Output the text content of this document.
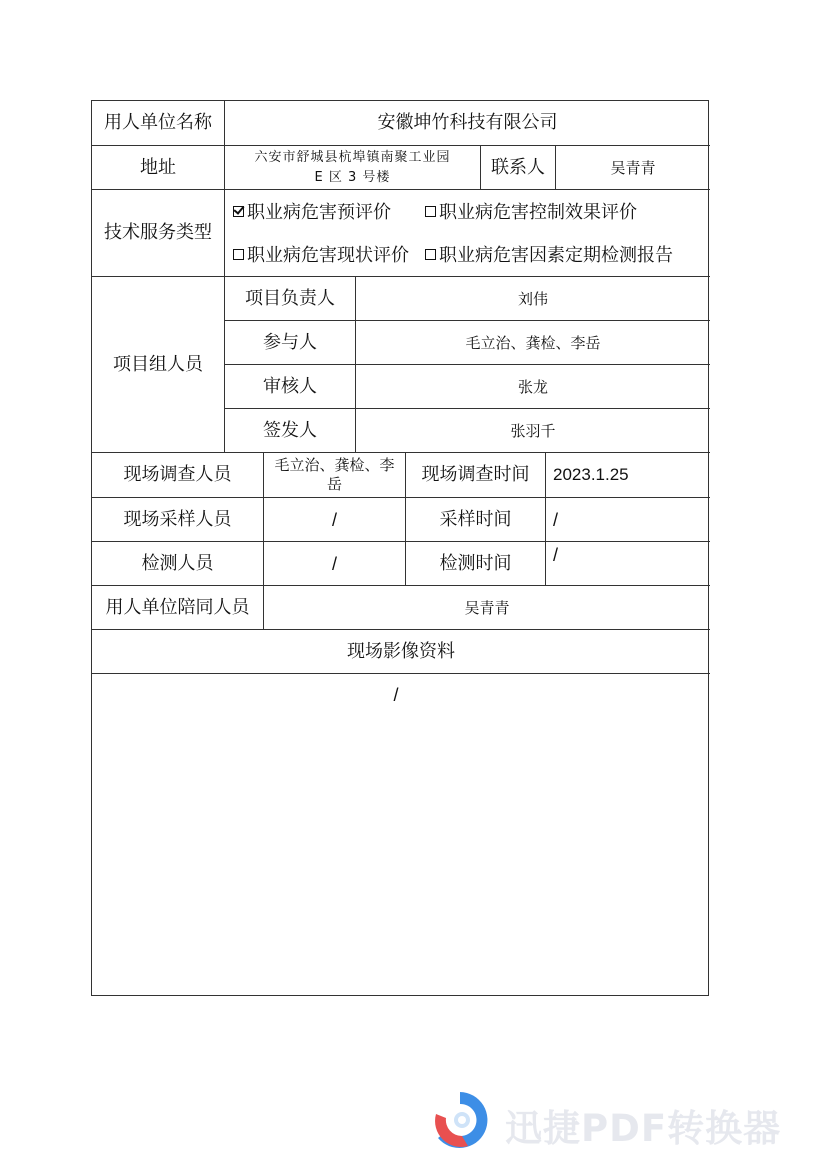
用人单位名称	安徽坤竹科技有限公司
地址	六安市舒城县杭埠镇南聚工业园 E 区 3 号楼	联系人	吴青青
技术服务类型
职业病危害预评价	职业病危害控制效果评价
职业病危害现状评价	职业病危害因素定期检测报告
项目组人员
项目负责人	刘伟
参与人	毛立治、龚检、李岳
审核人	张龙
签发人	张羽千
现场调查人员	毛立治、龚检、李岳	现场调查时间	2023.1.25
现场采样人员	/	采样时间	/
检测人员	/	检测时间	/
用人单位陪同人员	吴青青
现场影像资料
/
迅捷PDF转换器
